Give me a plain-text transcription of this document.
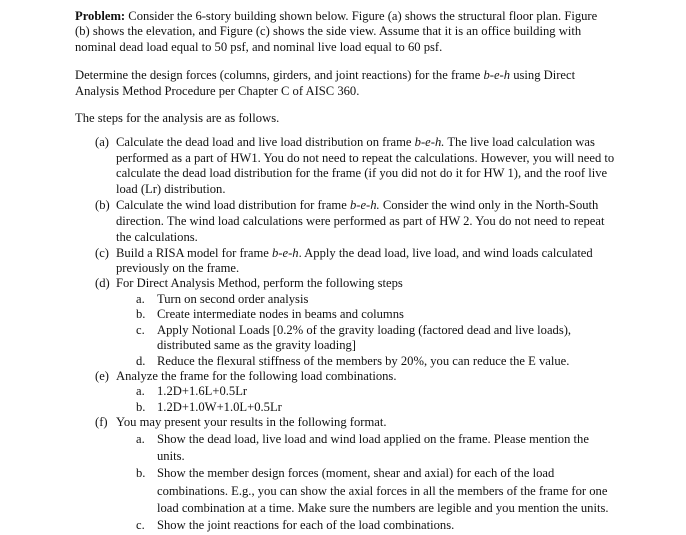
Problem: Consider the 6-story building shown below. Figure (a) shows the structural floor plan. Figure (b) shows the elevation, and Figure (c) shows the side view. Assume that it is an office building with nominal dead load equal to 50 psf, and nominal live load equal to 60 psf.

Determine the design forces (columns, girders, and joint reactions) for the frame b-e-h using Direct Analysis Method Procedure per Chapter C of AISC 360.

The steps for the analysis are as follows.

(a) Calculate the dead load and live load distribution on frame b-e-h. The live load calculation was performed as a part of HW1. You do not need to repeat the calculations. However, you will need to calculate the dead load distribution for the frame (if you did not do it for HW 1), and the roof live load (Lr) distribution.
(b) Calculate the wind load distribution for frame b-e-h. Consider the wind only in the North-South direction. The wind load calculations were performed as part of HW 2. You do not need to repeat the calculations.
(c) Build a RISA model for frame b-e-h. Apply the dead load, live load, and wind loads calculated previously on the frame.
(d) For Direct Analysis Method, perform the following steps
a. Turn on second order analysis
b. Create intermediate nodes in beams and columns
c. Apply Notional Loads [0.2% of the gravity loading (factored dead and live loads), distributed same as the gravity loading]
d. Reduce the flexural stiffness of the members by 20%, you can reduce the E value.
(e) Analyze the frame for the following load combinations.
a. 1.2D+1.6L+0.5Lr
b. 1.2D+1.0W+1.0L+0.5Lr
(f) You may present your results in the following format.
a. Show the dead load, live load and wind load applied on the frame. Please mention the units.
b. Show the member design forces (moment, shear and axial) for each of the load combinations. E.g., you can show the axial forces in all the members of the frame for one load combination at a time. Make sure the numbers are legible and you mention the units.
c. Show the joint reactions for each of the load combinations.
